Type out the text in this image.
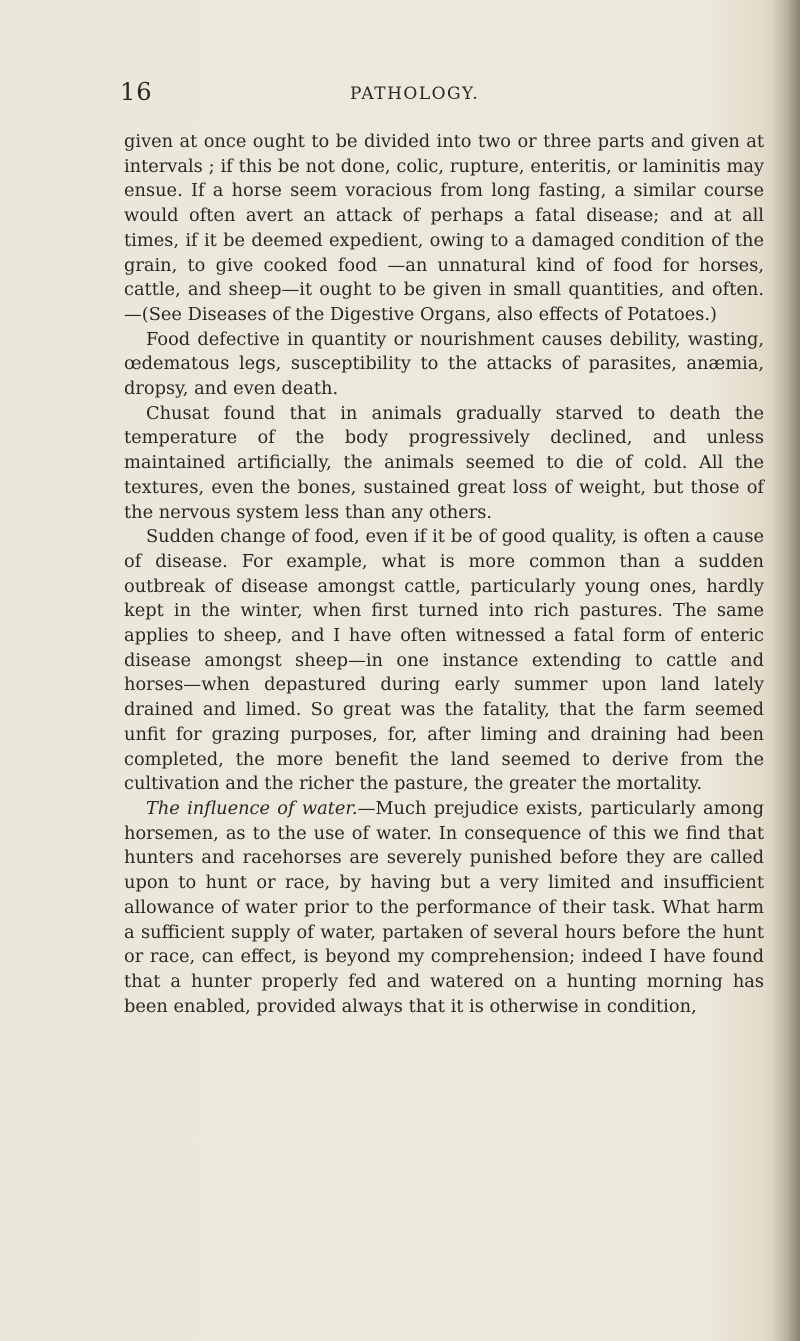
16	PATHOLOGY.

given at once ought to be divided into two or three parts and given at intervals ; if this be not done, colic, rupture, enteritis, or laminitis may ensue. If a horse seem voracious from long fasting, a similar course would often avert an attack of perhaps a fatal disease; and at all times, if it be deemed expedient, owing to a damaged condition of the grain, to give cooked food —an unnatural kind of food for horses, cattle, and sheep—it ought to be given in small quantities, and often.—(See Diseases of the Digestive Organs, also effects of Potatoes.)

Food defective in quantity or nourishment causes debility, wasting, œdematous legs, susceptibility to the attacks of parasites, anæmia, dropsy, and even death.

Chusat found that in animals gradually starved to death the temperature of the body progressively declined, and unless maintained artificially, the animals seemed to die of cold. All the textures, even the bones, sustained great loss of weight, but those of the nervous system less than any others.

Sudden change of food, even if it be of good quality, is often a cause of disease. For example, what is more common than a sudden outbreak of disease amongst cattle, particularly young ones, hardly kept in the winter, when first turned into rich pastures. The same applies to sheep, and I have often witnessed a fatal form of enteric disease amongst sheep—in one instance extending to cattle and horses—when depastured during early summer upon land lately drained and limed. So great was the fatality, that the farm seemed unfit for grazing purposes, for, after liming and draining had been completed, the more benefit the land seemed to derive from the cultivation and the richer the pasture, the greater the mortality.

The influence of water.—Much prejudice exists, particularly among horsemen, as to the use of water. In consequence of this we find that hunters and racehorses are severely punished before they are called upon to hunt or race, by having but a very limited and insufficient allowance of water prior to the performance of their task. What harm a sufficient supply of water, partaken of several hours before the hunt or race, can effect, is beyond my comprehension; indeed I have found that a hunter properly fed and watered on a hunting morning has been enabled, provided always that it is otherwise in condition,
